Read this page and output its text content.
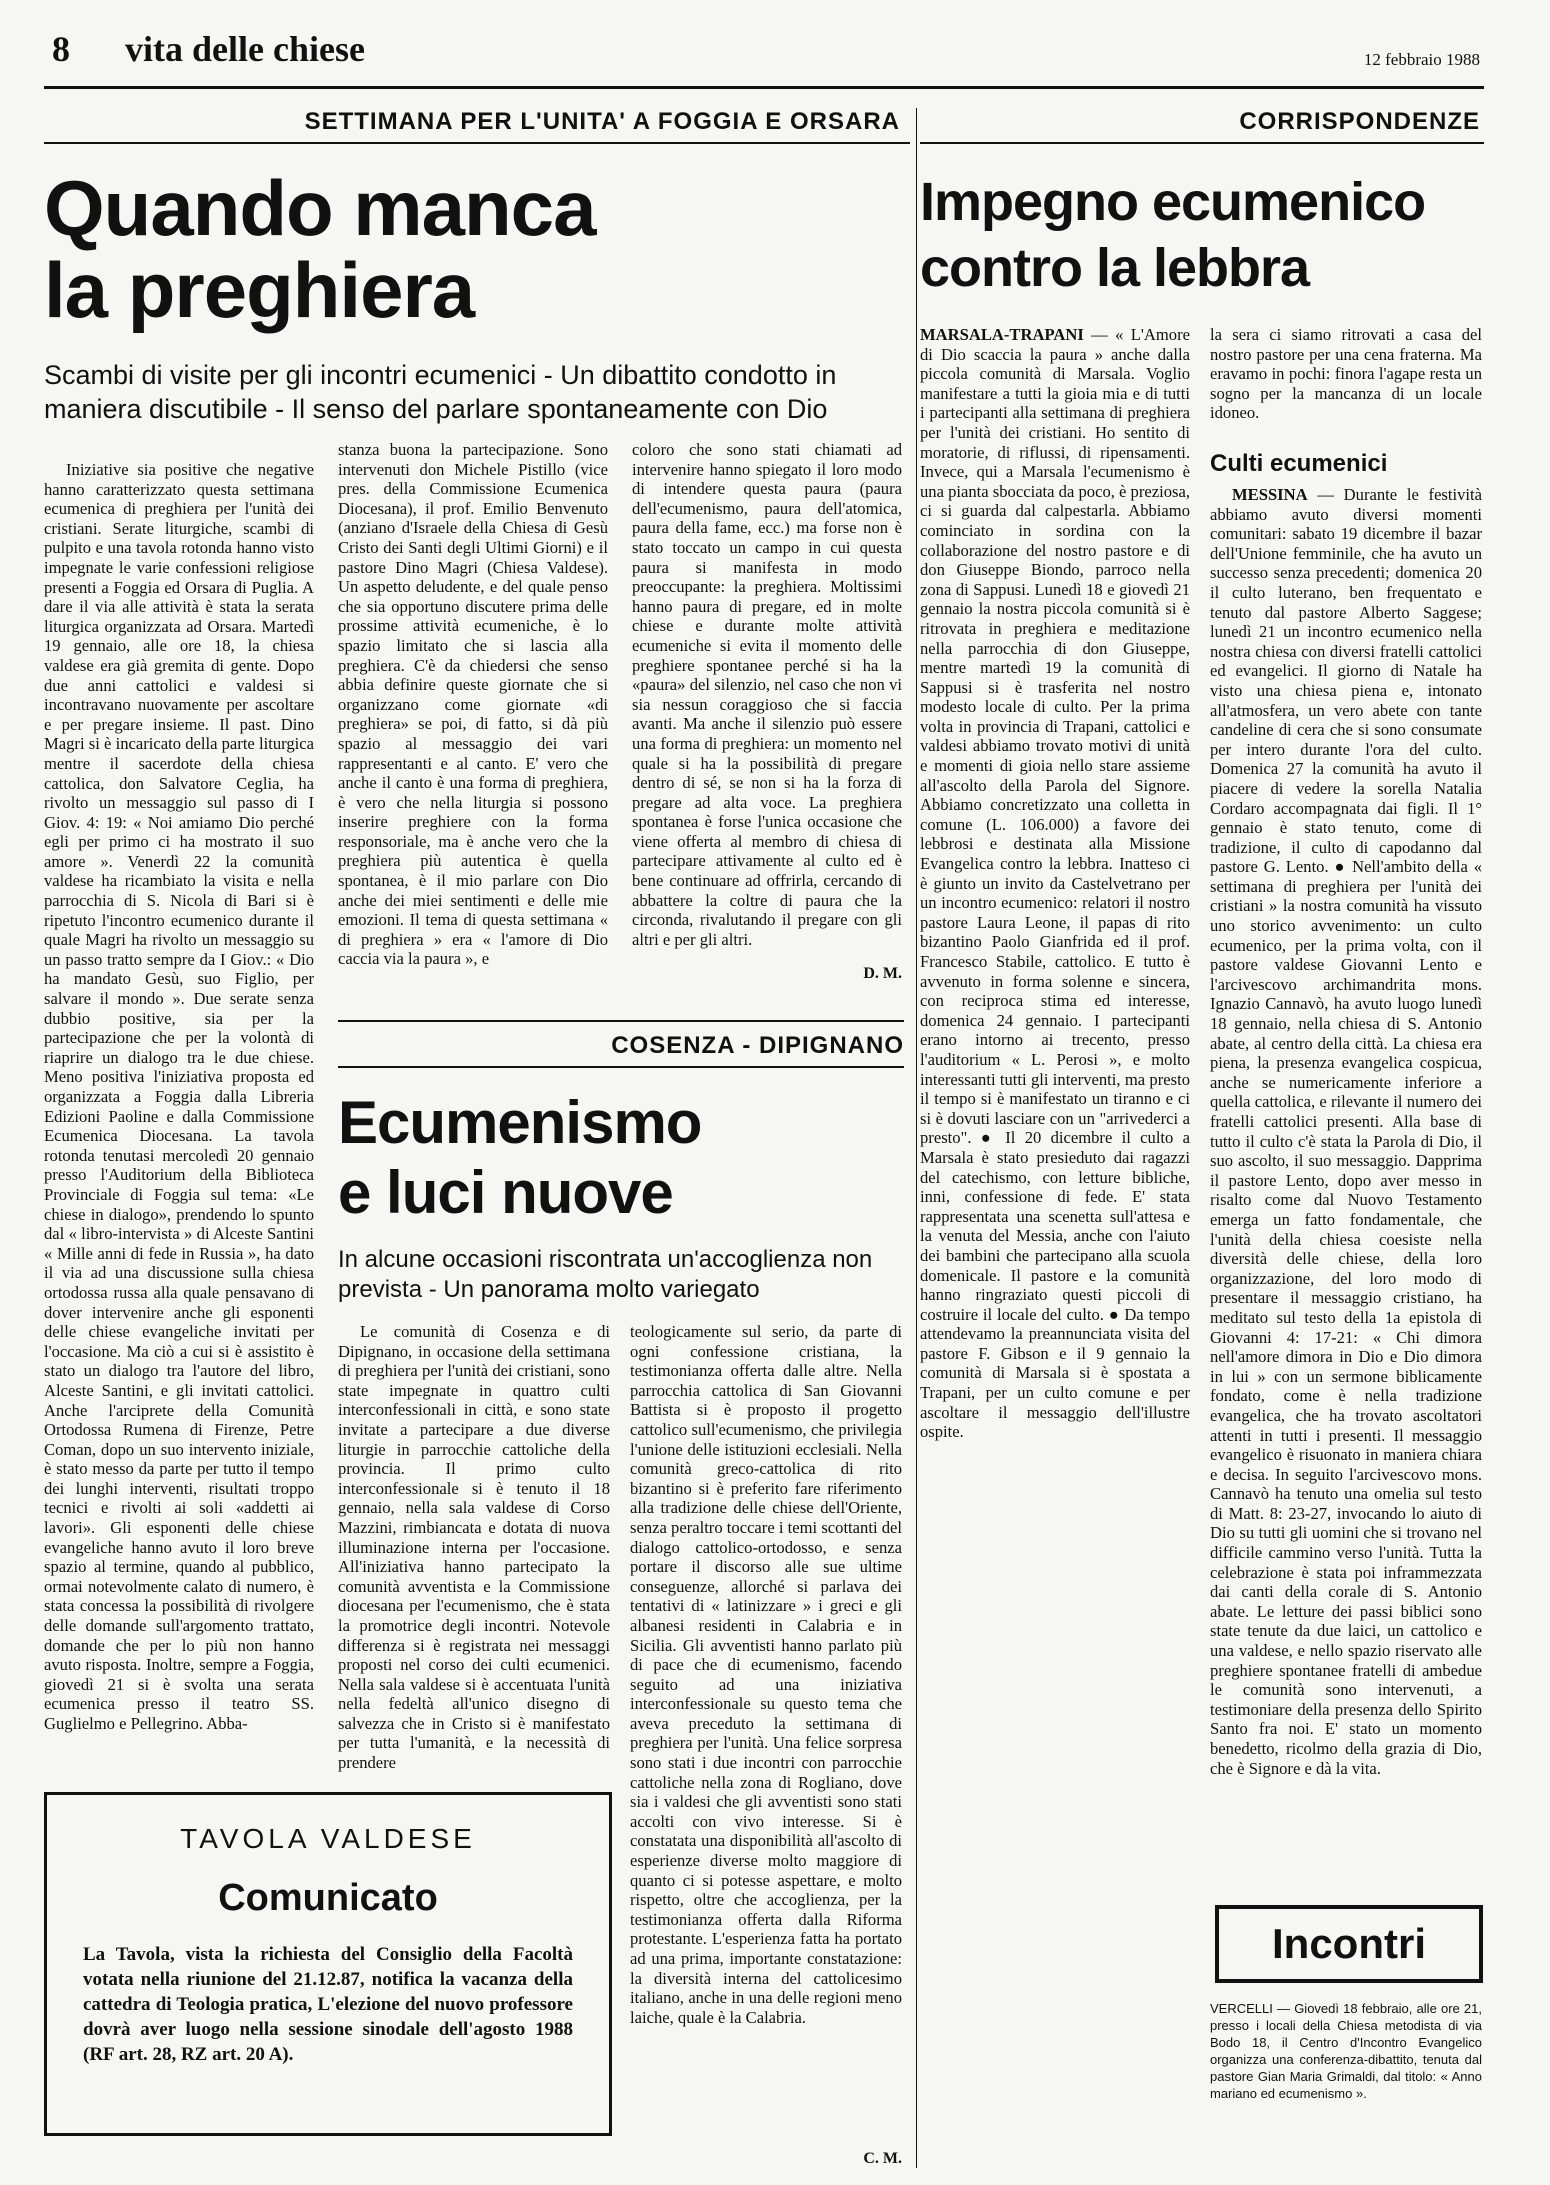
8 vita delle chiese	12 febbraio 1988
SETTIMANA PER L'UNITA' A FOGGIA E ORSARA
Quando manca
la preghiera
Scambi di visite per gli incontri ecumenici - Un dibattito condotto in maniera discutibile - Il senso del parlare spontaneamente con Dio

Iniziative sia positive che negative hanno caratterizzato questa settimana ecumenica di preghiera per l'unità dei cristiani. Serate liturgiche, scambi di pulpito e una tavola rotonda hanno visto impegnate le varie confessioni religiose presenti a Foggia ed Orsara di Puglia. A dare il via alle attività è stata la serata liturgica organizzata ad Orsara. Martedì 19 gennaio, alle ore 18, la chiesa valdese era già gremita di gente. Dopo due anni cattolici e valdesi si incontravano nuovamente per ascoltare e per pregare insieme. Il past. Dino Magri si è incaricato della parte liturgica mentre il sacerdote della chiesa cattolica, don Salvatore Ceglia, ha rivolto un messaggio sul passo di I Giov. 4: 19: « Noi amiamo Dio perché egli per primo ci ha mostrato il suo amore ». Venerdì 22 la comunità valdese ha ricambiato la visita e nella parrocchia di S. Nicola di Bari si è ripetuto l'incontro ecumenico durante il quale Magri ha rivolto un messaggio su un passo tratto sempre da I Giov.: « Dio ha mandato Gesù, suo Figlio, per salvare il mondo ». Due serate senza dubbio positive, sia per la partecipazione che per la volontà di riaprire un dialogo tra le due chiese. Meno positiva l'iniziativa proposta ed organizzata a Foggia dalla Libreria Edizioni Paoline e dalla Commissione Ecumenica Diocesana. La tavola rotonda tenutasi mercoledì 20 gennaio presso l'Auditorium della Biblioteca Provinciale di Foggia sul tema: «Le chiese in dialogo», prendendo lo spunto dal « libro-intervista » di Alceste Santini « Mille anni di fede in Russia », ha dato il via ad una discussione sulla chiesa ortodossa russa alla quale pensavano di dover intervenire anche gli esponenti delle chiese evangeliche invitati per l'occasione. Ma ciò a cui si è assistito è stato un dialogo tra l'autore del libro, Alceste Santini, e gli invitati cattolici. Anche l'arciprete della Comunità Ortodossa Rumena di Firenze, Petre Coman, dopo un suo intervento iniziale, è stato messo da parte per tutto il tempo dei lunghi interventi, risultati troppo tecnici e rivolti ai soli «addetti ai lavori». Gli esponenti delle chiese evangeliche hanno avuto il loro breve spazio al termine, quando al pubblico, ormai notevolmente calato di numero, è stata concessa la possibilità di rivolgere delle domande sull'argomento trattato, domande che per lo più non hanno avuto risposta. Inoltre, sempre a Foggia, giovedì 21 si è svolta una serata ecumenica presso il teatro SS. Guglielmo e Pellegrino. Abba-

stanza buona la partecipazione. Sono intervenuti don Michele Pistillo (vice pres. della Commissione Ecumenica Diocesana), il prof. Emilio Benvenuto (anziano d'Israele della Chiesa di Gesù Cristo dei Santi degli Ultimi Giorni) e il pastore Dino Magri (Chiesa Valdese). Un aspetto deludente, e del quale penso che sia opportuno discutere prima delle prossime attività ecumeniche, è lo spazio limitato che si lascia alla preghiera. C'è da chiedersi che senso abbia definire queste giornate che si organizzano come giornate «di preghiera» se poi, di fatto, si dà più spazio al messaggio dei vari rappresentanti e al canto. E' vero che anche il canto è una forma di preghiera, è vero che nella liturgia si possono inserire preghiere con la forma responsoriale, ma è anche vero che la preghiera più autentica è quella spontanea, è il mio parlare con Dio anche dei miei sentimenti e delle mie emozioni. Il tema di questa settimana « di preghiera » era « l'amore di Dio caccia via la paura », e

coloro che sono stati chiamati ad intervenire hanno spiegato il loro modo di intendere questa paura (paura dell'ecumenismo, paura dell'atomica, paura della fame, ecc.) ma forse non è stato toccato un campo in cui questa paura si manifesta in modo preoccupante: la preghiera. Moltissimi hanno paura di pregare, ed in molte chiese e durante molte attività ecumeniche si evita il momento delle preghiere spontanee perché si ha la «paura» del silenzio, nel caso che non vi sia nessun coraggioso che si faccia avanti. Ma anche il silenzio può essere una forma di preghiera: un momento nel quale si ha la possibilità di pregare dentro di sé, se non si ha la forza di pregare ad alta voce. La preghiera spontanea è forse l'unica occasione che viene offerta al membro di chiesa di partecipare attivamente al culto ed è bene continuare ad offrirla, cercando di abbattere la coltre di paura che la circonda, rivalutando il pregare con gli altri e per gli altri.

D. M.
TAVOLA VALDESE
Comunicato
La Tavola, vista la richiesta del Consiglio della Facoltà votata nella riunione del 21.12.87, notifica la vacanza della cattedra di Teologia pratica, L'elezione del nuovo professore dovrà aver luogo nella sessione sinodale dell'agosto 1988 (RF art. 28, RZ art. 20 A).
COSENZA - DIPIGNANO
Ecumenismo
e luci nuove
In alcune occasioni riscontrata un'accoglienza non prevista - Un panorama molto variegato

Le comunità di Cosenza e di Dipignano, in occasione della settimana di preghiera per l'unità dei cristiani, sono state impegnate in quattro culti interconfessionali in città, e sono state invitate a partecipare a due diverse liturgie in parrocchie cattoliche della provincia. Il primo culto interconfessionale si è tenuto il 18 gennaio, nella sala valdese di Corso Mazzini, rimbiancata e dotata di nuova illuminazione interna per l'occasione. All'iniziativa hanno partecipato la comunità avventista e la Commissione diocesana per l'ecumenismo, che è stata la promotrice degli incontri. Notevole differenza si è registrata nei messaggi proposti nel corso dei culti ecumenici. Nella sala valdese si è accentuata l'unità nella fedeltà all'unico disegno di salvezza che in Cristo si è manifestato per tutta l'umanità, e la necessità di prendere

teologicamente sul serio, da parte di ogni confessione cristiana, la testimonianza offerta dalle altre. Nella parrocchia cattolica di San Giovanni Battista si è proposto il progetto cattolico sull'ecumenismo, che privilegia l'unione delle istituzioni ecclesiali. Nella comunità greco-cattolica di rito bizantino si è preferito fare riferimento alla tradizione delle chiese dell'Oriente, senza peraltro toccare i temi scottanti del dialogo cattolico-ortodosso, e senza portare il discorso alle sue ultime conseguenze, allorché si parlava dei tentativi di « latinizzare » i greci e gli albanesi residenti in Calabria e in Sicilia. Gli avventisti hanno parlato più di pace che di ecumenismo, facendo seguito ad una iniziativa interconfessionale su questo tema che aveva preceduto la settimana di preghiera per l'unità. Una felice sorpresa sono stati i due incontri con parrocchie cattoliche nella zona di Rogliano, dove sia i valdesi che gli avventisti sono stati accolti con vivo interesse. Si è constatata una disponibilità all'ascolto di esperienze diverse molto maggiore di quanto ci si potesse aspettare, e molto rispetto, oltre che accoglienza, per la testimonianza offerta dalla Riforma protestante. L'esperienza fatta ha portato ad una prima, importante constatazione: la diversità interna del cattolicesimo italiano, anche in una delle regioni meno laiche, quale è la Calabria.

C. M.
CORRISPONDENZE
Impegno ecumenico
contro la lebbra

MARSALA-TRAPANI — « L'Amore di Dio scaccia la paura » anche dalla piccola comunità di Marsala. Voglio manifestare a tutti la gioia mia e di tutti i partecipanti alla settimana di preghiera per l'unità dei cristiani. Ho sentito di moratorie, di riflussi, di ripensamenti. Invece, qui a Marsala l'ecumenismo è una pianta sbocciata da poco, è preziosa, ci si guarda dal calpestarla. Abbiamo cominciato in sordina con la collaborazione del nostro pastore e di don Giuseppe Biondo, parroco nella zona di Sappusi. Lunedì 18 e giovedì 21 gennaio la nostra piccola comunità si è ritrovata in preghiera e meditazione nella parrocchia di don Giuseppe, mentre martedì 19 la comunità di Sappusi si è trasferita nel nostro modesto locale di culto. Per la prima volta in provincia di Trapani, cattolici e valdesi abbiamo trovato motivi di unità e momenti di gioia nello stare assieme all'ascolto della Parola del Signore. Abbiamo concretizzato una colletta in comune (L. 106.000) a favore dei lebbrosi e destinata alla Missione Evangelica contro la lebbra. Inatteso ci è giunto un invito da Castelvetrano per un incontro ecumenico: relatori il nostro pastore Laura Leone, il papas di rito bizantino Paolo Gianfrida ed il prof. Francesco Stabile, cattolico. E tutto è avvenuto in forma solenne e sincera, con reciproca stima ed interesse, domenica 24 gennaio. I partecipanti erano intorno ai trecento, presso l'auditorium « L. Perosi », e molto interessanti tutti gli interventi, ma presto il tempo si è manifestato un tiranno e ci si è dovuti lasciare con un "arrivederci a presto". ● Il 20 dicembre il culto a Marsala è stato presieduto dai ragazzi del catechismo, con letture bibliche, inni, confessione di fede. E' stata rappresentata una scenetta sull'attesa e la venuta del Messia, anche con l'aiuto dei bambini che partecipano alla scuola domenicale. Il pastore e la comunità hanno ringraziato questi piccoli di costruire il locale del culto. ● Da tempo attendevamo la preannunciata visita del pastore F. Gibson e il 9 gennaio la comunità di Marsala si è spostata a Trapani, per un culto comune e per ascoltare il messaggio dell'illustre ospite.

la sera ci siamo ritrovati a casa del nostro pastore per una cena fraterna. Ma eravamo in pochi: finora l'agape resta un sogno per la mancanza di un locale idoneo.

Culti ecumenici

MESSINA — Durante le festività abbiamo avuto diversi momenti comunitari: sabato 19 dicembre il bazar dell'Unione femminile, che ha avuto un successo senza precedenti; domenica 20 il culto luterano, ben frequentato e tenuto dal pastore Alberto Saggese; lunedì 21 un incontro ecumenico nella nostra chiesa con diversi fratelli cattolici ed evangelici. Il giorno di Natale ha visto una chiesa piena e, intonato all'atmosfera, un vero abete con tante candeline di cera che si sono consumate per intero durante l'ora del culto. Domenica 27 la comunità ha avuto il piacere di vedere la sorella Natalia Cordaro accompagnata dai figli. Il 1° gennaio è stato tenuto, come di tradizione, il culto di capodanno dal pastore G. Lento. ● Nell'ambito della « settimana di preghiera per l'unità dei cristiani » la nostra comunità ha vissuto uno storico avvenimento: un culto ecumenico, per la prima volta, con il pastore valdese Giovanni Lento e l'arcivescovo archimandrita mons. Ignazio Cannavò, ha avuto luogo lunedì 18 gennaio, nella chiesa di S. Antonio abate, al centro della città. La chiesa era piena, la presenza evangelica cospicua, anche se numericamente inferiore a quella cattolica, e rilevante il numero dei fratelli cattolici presenti. Alla base di tutto il culto c'è stata la Parola di Dio, il suo ascolto, il suo messaggio. Dapprima il pastore Lento, dopo aver messo in risalto come dal Nuovo Testamento emerga un fatto fondamentale, che l'unità della chiesa coesiste nella diversità delle chiese, della loro organizzazione, del loro modo di presentare il messaggio cristiano, ha meditato sul testo della 1a epistola di Giovanni 4: 17-21: « Chi dimora nell'amore dimora in Dio e Dio dimora in lui » con un sermone biblicamente fondato, come è nella tradizione evangelica, che ha trovato ascoltatori attenti in tutti i presenti. Il messaggio evangelico è risuonato in maniera chiara e decisa. In seguito l'arcivescovo mons. Cannavò ha tenuto una omelia sul testo di Matt. 8: 23-27, invocando lo aiuto di Dio su tutti gli uomini che si trovano nel difficile cammino verso l'unità. Tutta la celebrazione è stata poi inframmezzata dai canti della corale di S. Antonio abate. Le letture dei passi biblici sono state tenute da due laici, un cattolico e una valdese, e nello spazio riservato alle preghiere spontanee fratelli di ambedue le comunità sono intervenuti, a testimoniare della presenza dello Spirito Santo fra noi. E' stato un momento benedetto, ricolmo della grazia di Dio, che è Signore e dà la vita.

Incontri
VERCELLI — Giovedì 18 febbraio, alle ore 21, presso i locali della Chiesa metodista di via Bodo 18, il Centro d'Incontro Evangelico organizza una conferenza-dibattito, tenuta dal pastore Gian Maria Grimaldi, dal titolo: « Anno mariano ed ecumenismo ».
